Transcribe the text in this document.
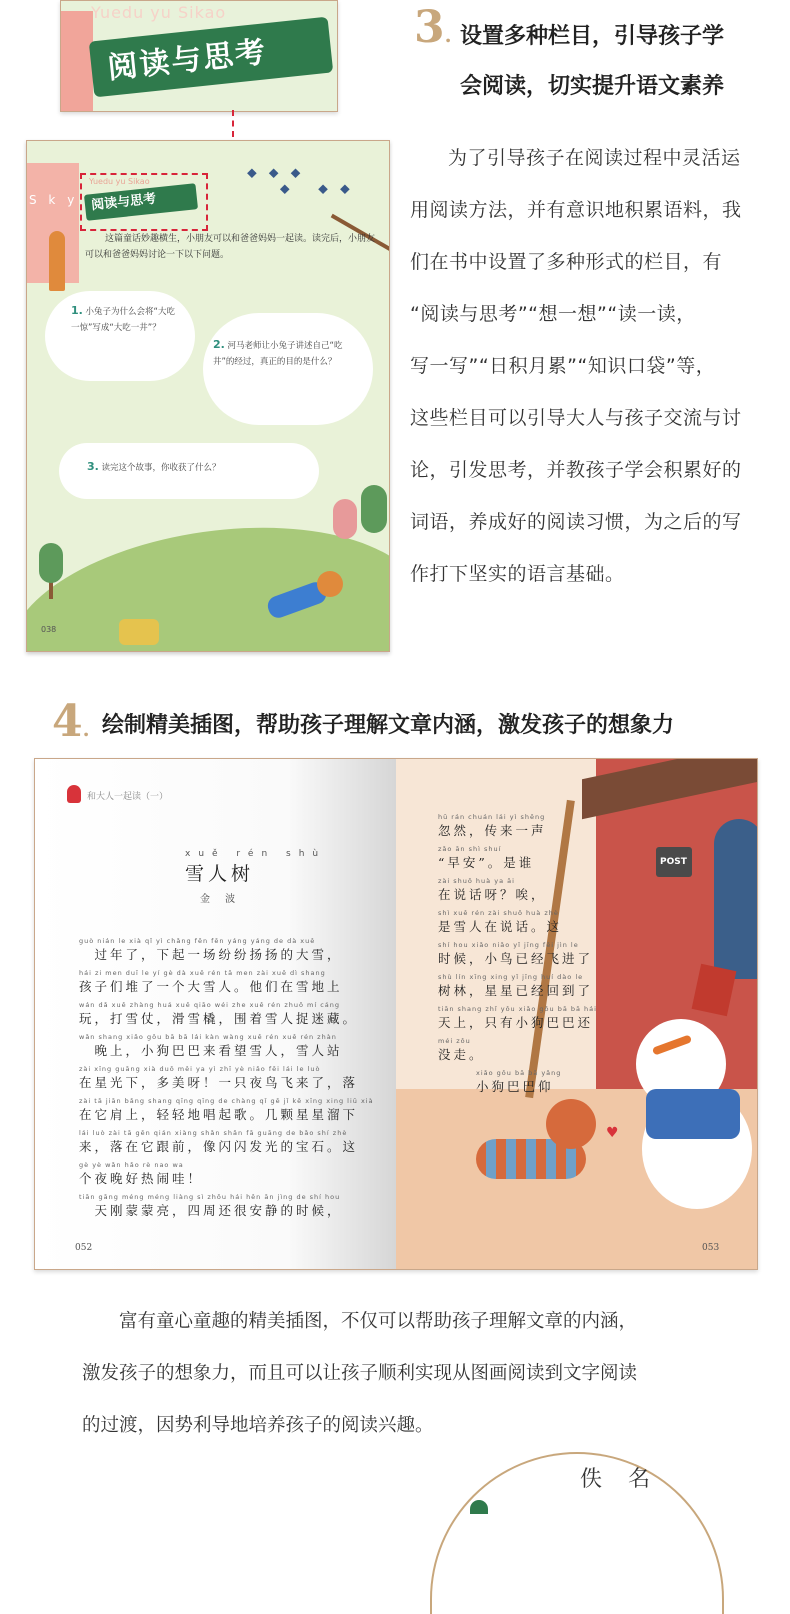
Yuedu yu Sikao
阅读与思考
S k y
⬥⬥⬥
⬥ ⬥⬥
Yuedu yu Sikao
阅读与思考
这篇童话妙趣横生，小朋友可以和爸爸妈妈一起读。读完后，小朋友可以和爸爸妈妈讨论一下以下问题。
1. 小兔子为什么会将“大吃一惊”写成“大吃一井”？
2. 河马老师让小兔子讲述自己“吃井”的经过，真正的目的是什么？
3. 读完这个故事，你收获了什么？
038
3. 设置多种栏目，引导孩子学
会阅读，切实提升语文素养
为了引导孩子在阅读过程中灵活运
用阅读方法，并有意识地积累语料，我
们在书中设置了多种形式的栏目，有
“阅读与思考”“想一想”“读一读，
写一写”“日积月累”“知识口袋”等，
这些栏目可以引导大人与孩子交流与讨
论，引发思考，并教孩子学会积累好的
词语，养成好的阅读习惯，为之后的写
作打下坚实的语言基础。
4. 绘制精美插图，帮助孩子理解文章内涵，激发孩子的想象力
和大人一起读（一）
xuě rén shù
雪人树
金 波
guò nián le xià qǐ yì chǎng fēn fēn yáng yáng de dà xuě
　过年了，下起一场纷纷扬扬的大雪，
hái zi men duī le yí gè dà xuě rén tā men zài xuě dì shang
孩子们堆了一个大雪人。他们在雪地上
wán dǎ xuě zhàng huá xuě qiāo wéi zhe xuě rén zhuō mí cáng
玩，打雪仗，滑雪橇，围着雪人捉迷藏。
wǎn shang xiǎo gǒu bā bā lái kàn wàng xuě rén xuě rén zhàn
　晚上，小狗巴巴来看望雪人，雪人站
zài xīng guāng xià duō měi ya yì zhī yè niǎo fēi lái le luò
在星光下，多美呀！一只夜鸟飞来了，落
zài tā jiān bǎng shang qīng qīng de chàng qǐ gē jǐ kē xīng xing liū xià
在它肩上，轻轻地唱起歌。几颗星星溜下
lái luò zài tā gēn qián xiàng shǎn shǎn fā guāng de bǎo shí zhè
来，落在它跟前，像闪闪发光的宝石。这
gè yè wǎn hǎo rè nao wa
个夜晚好热闹哇！
tiān gāng méng méng liàng sì zhōu hái hěn ān jìng de shí hou
　天刚蒙蒙亮，四周还很安静的时候，
052
POST
♥
hū rán chuán lái yì shēng
忽然，传来一声
zǎo ān shì shuí
“早安”。是谁
zài shuō huà ya āi
在说话呀？唉，
shì xuě rén zài shuō huà zhè
是雪人在说话。这
shí hou xiǎo niǎo yǐ jīng fēi jìn le
时候，小鸟已经飞进了
shù lín xīng xing yǐ jīng huí dào le
树林，星星已经回到了
tiān shang zhǐ yǒu xiǎo gǒu bā bā hái
天上，只有小狗巴巴还
méi zǒu
没走。
xiǎo gǒu bā bā yǎng
小狗巴巴仰
053
　　富有童心童趣的精美插图，不仅可以帮助孩子理解文章的内涵，
激发孩子的想象力，而且可以让孩子顺利实现从图画阅读到文字阅读
的过渡，因势利导地培养孩子的阅读兴趣。
佚名
